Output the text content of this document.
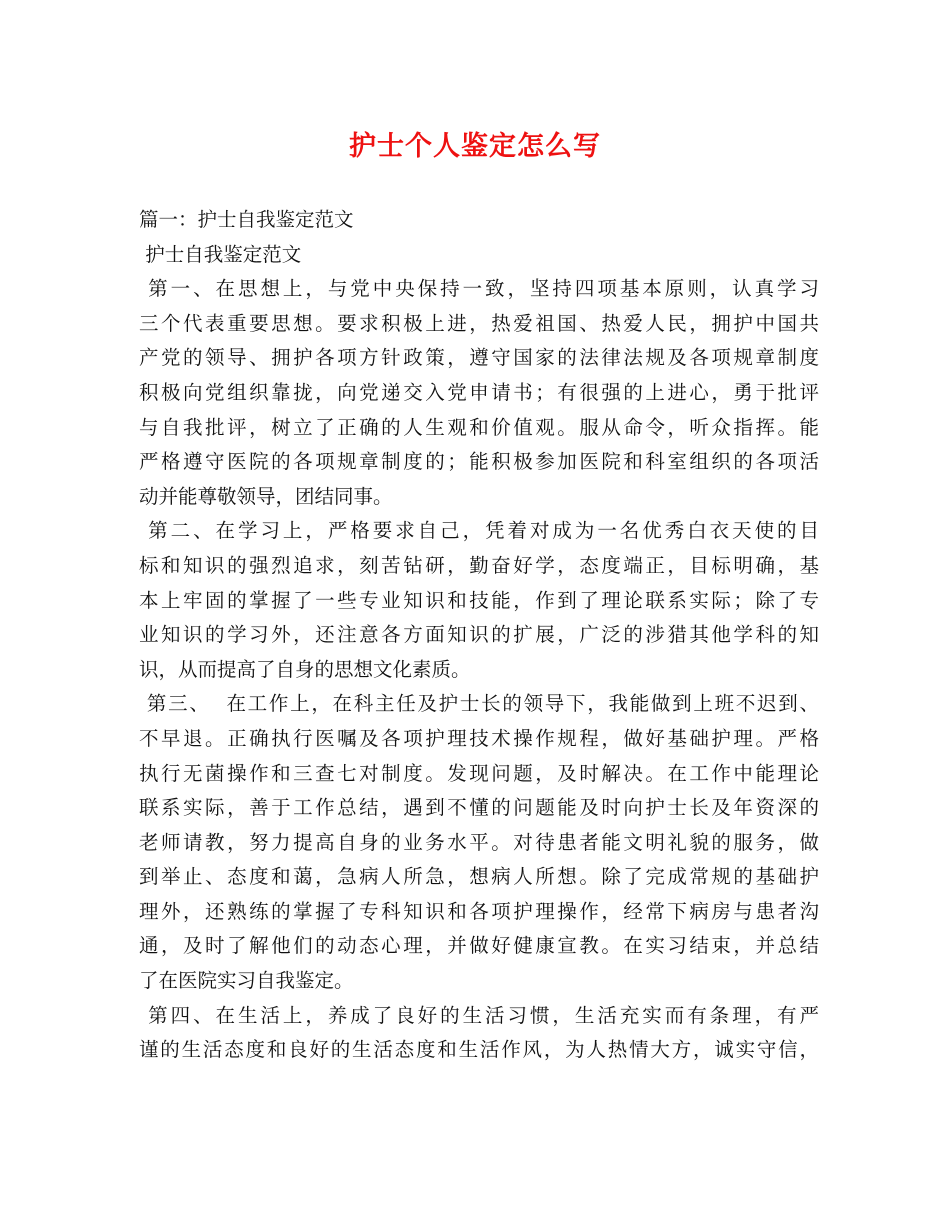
护士个人鉴定怎么写
篇一：护士自我鉴定范文
护士自我鉴定范文
第一、在思想上，与党中央保持一致，坚持四项基本原则，认真学习
三个代表重要思想。要求积极上进，热爱祖国、热爱人民，拥护中国共
产党的领导、拥护各项方针政策，遵守国家的法律法规及各项规章制度
积极向党组织靠拢，向党递交入党申请书；有很强的上进心，勇于批评
与自我批评，树立了正确的人生观和价值观。服从命令，听众指挥。能
严格遵守医院的各项规章制度的；能积极参加医院和科室组织的各项活
动并能尊敬领导，团结同事。
第二、在学习上，严格要求自己，凭着对成为一名优秀白衣天使的目
标和知识的强烈追求，刻苦钻研，勤奋好学，态度端正，目标明确，基
本上牢固的掌握了一些专业知识和技能，作到了理论联系实际；除了专
业知识的学习外，还注意各方面知识的扩展，广泛的涉猎其他学科的知
识，从而提高了自身的思想文化素质。
第三、  在工作上，在科主任及护士长的领导下，我能做到上班不迟到、
不早退。正确执行医嘱及各项护理技术操作规程，做好基础护理。严格
执行无菌操作和三查七对制度。发现问题，及时解决。在工作中能理论
联系实际，善于工作总结，遇到不懂的问题能及时向护士长及年资深的
老师请教，努力提高自身的业务水平。对待患者能文明礼貌的服务，做
到举止、态度和蔼，急病人所急，想病人所想。除了完成常规的基础护
理外，还熟练的掌握了专科知识和各项护理操作，经常下病房与患者沟
通，及时了解他们的动态心理，并做好健康宣教。在实习结束，并总结
了在医院实习自我鉴定。
第四、在生活上，养成了良好的生活习惯，生活充实而有条理，有严
谨的生活态度和良好的生活态度和生活作风，为人热情大方，诚实守信，
